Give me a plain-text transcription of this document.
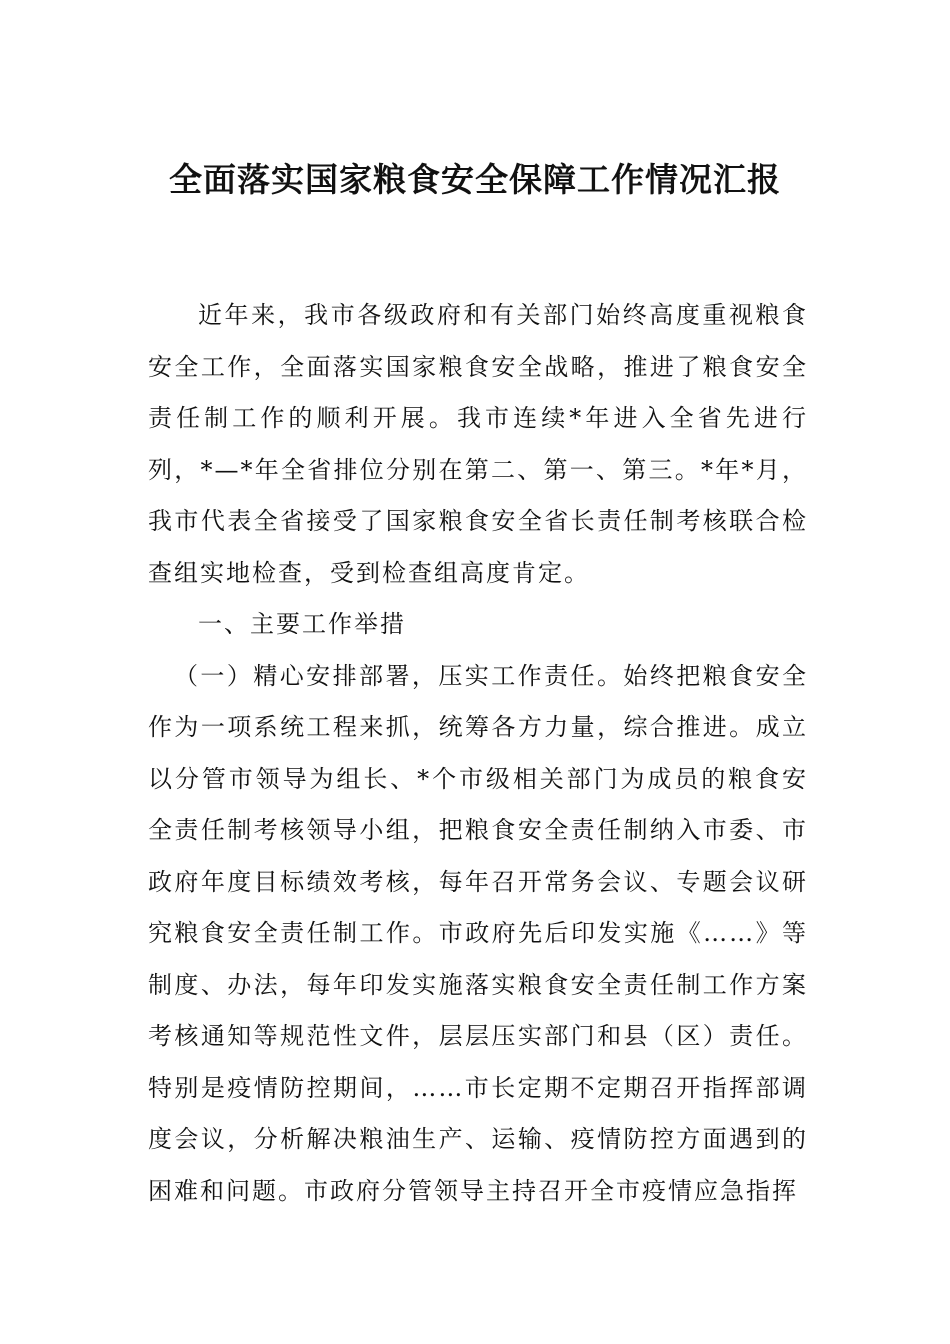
全面落实国家粮食安全保障工作情况汇报

近年来，我市各级政府和有关部门始终高度重视粮食安全工作，全面落实国家粮食安全战略，推进了粮食安全责任制工作的顺利开展。我市连续*年进入全省先进行列，*—*年全省排位分别在第二、第一、第三。*年*月，我市代表全省接受了国家粮食安全省长责任制考核联合检查组实地检查，受到检查组高度肯定。

一、主要工作举措

（一）精心安排部署，压实工作责任。始终把粮食安全作为一项系统工程来抓，统筹各方力量，综合推进。成立以分管市领导为组长、*个市级相关部门为成员的粮食安全责任制考核领导小组，把粮食安全责任制纳入市委、市政府年度目标绩效考核，每年召开常务会议、专题会议研究粮食安全责任制工作。市政府先后印发实施《……》等制度、办法，每年印发实施落实粮食安全责任制工作方案考核通知等规范性文件，层层压实部门和县（区）责任。特别是疫情防控期间，……市长定期不定期召开指挥部调度会议，分析解决粮油生产、运输、疫情防控方面遇到的困难和问题。市政府分管领导主持召开全市疫情应急指挥
